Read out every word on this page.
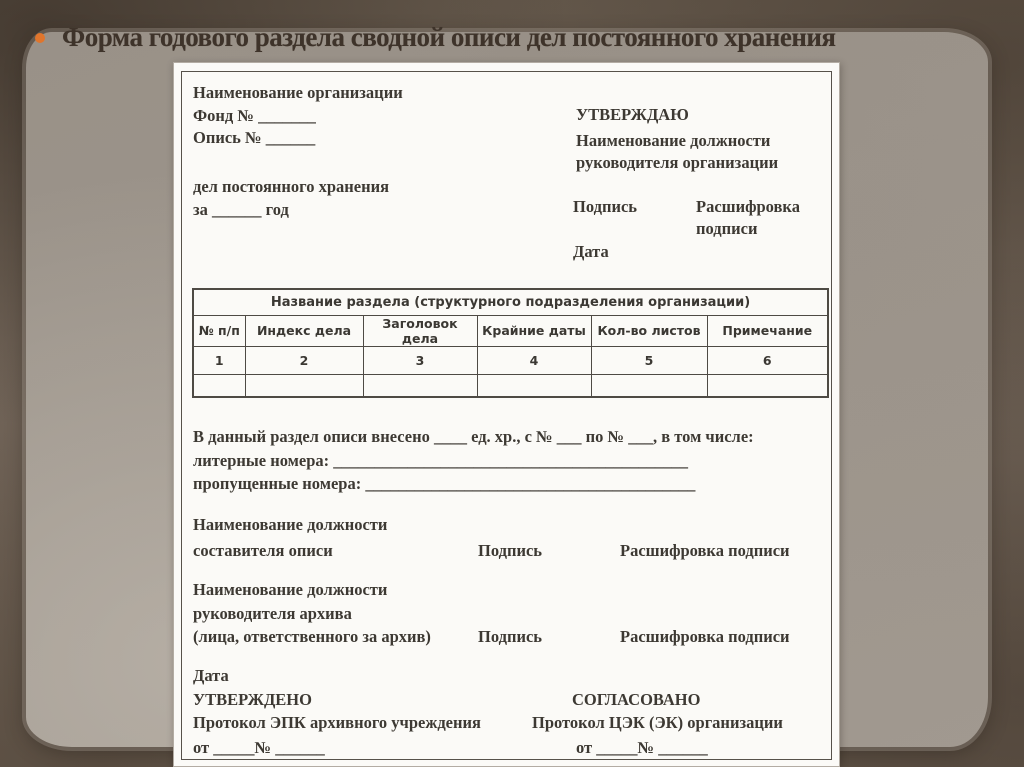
Форма годового раздела сводной описи дел постоянного хранения
Наименование организации
Фонд № _______
Опись № ______
УТВЕРЖДАЮ
Наименование должности
руководителя организации
дел постоянного хранения
за ______ год	Подпись	Расшифровка
подписи
Дата
Название раздела (структурного подразделения организации)					
№ п/п	Индекс дела	Заголовок дела	Крайние даты	Кол-во листов	Примечание
1	2	3	4	5	6

В данный раздел описи внесено ____ ед. хр., с № ___ по № ___, в том числе:
литерные номера: ___________________________________________
пропущенные номера: ________________________________________
Наименование должности
составителя описи	Подпись	Расшифровка подписи
Наименование должности
руководителя архива
(лица, ответственного за архив)	Подпись	Расшифровка подписи
Дата
УТВЕРЖДЕНО	СОГЛАСОВАНО
Протокол ЭПК архивного учреждения	Протокол ЦЭК (ЭК) организации
от _____№ ______	от _____№ ______
